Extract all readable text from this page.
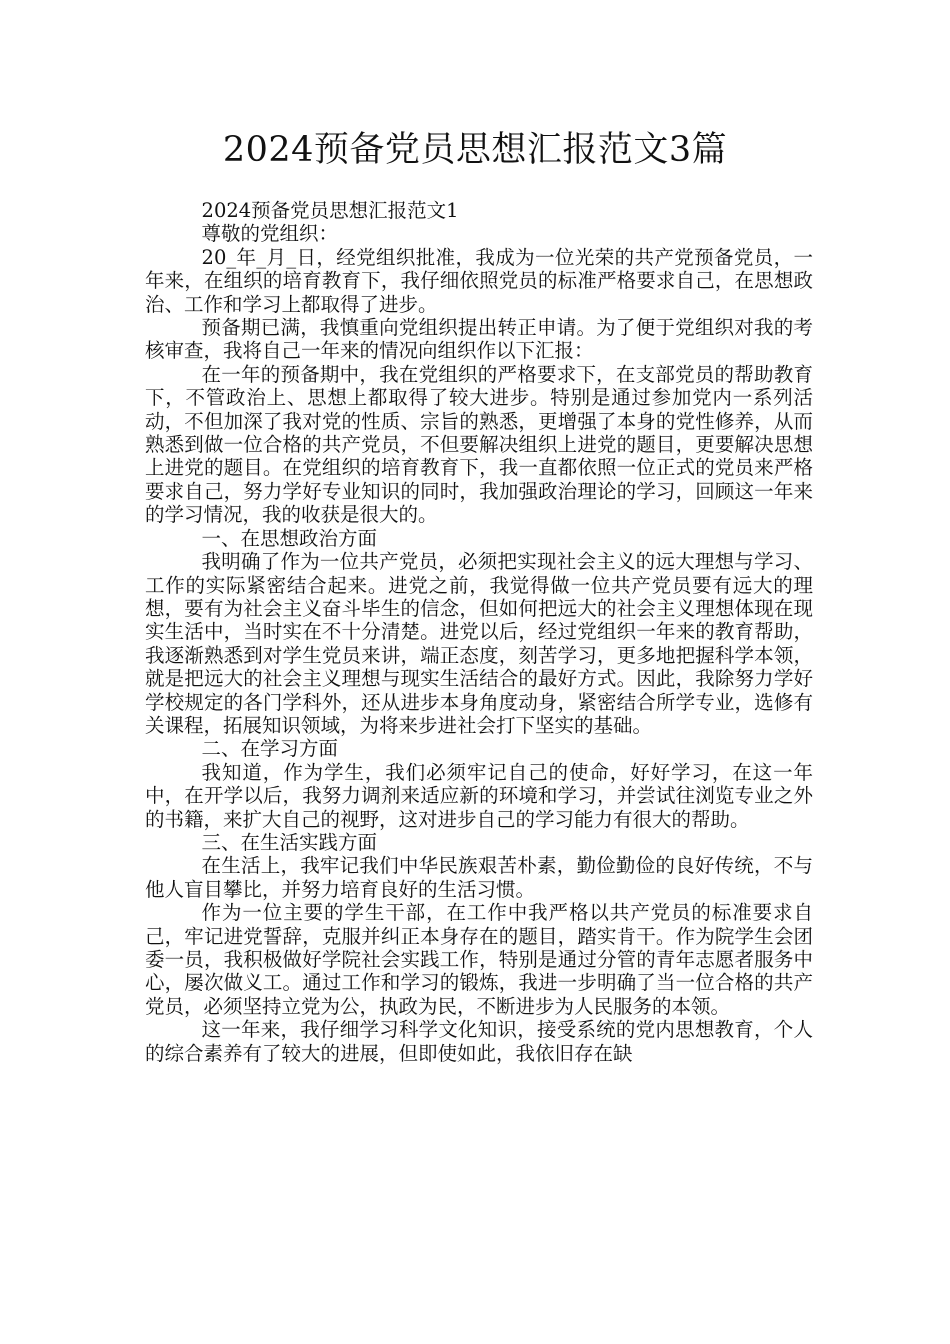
2024预备党员思想汇报范文3篇

2024预备党员思想汇报范文1

尊敬的党组织：

20_年_月_日，经党组织批准，我成为一位光荣的共产党预备党员，一年来，在组织的培育教育下，我仔细依照党员的标准严格要求自己，在思想政治、工作和学习上都取得了进步。

预备期已满，我慎重向党组织提出转正申请。为了便于党组织对我的考核审查，我将自己一年来的情况向组织作以下汇报：

在一年的预备期中，我在党组织的严格要求下，在支部党员的帮助教育下，不管政治上、思想上都取得了较大进步。特别是通过参加党内一系列活动，不但加深了我对党的性质、宗旨的熟悉，更增强了本身的党性修养，从而熟悉到做一位合格的共产党员，不但要解决组织上进党的题目，更要解决思想上进党的题目。在党组织的培育教育下，我一直都依照一位正式的党员来严格要求自己，努力学好专业知识的同时，我加强政治理论的学习，回顾这一年来的学习情况，我的收获是很大的。

一、在思想政治方面

我明确了作为一位共产党员，必须把实现社会主义的远大理想与学习、工作的实际紧密结合起来。进党之前，我觉得做一位共产党员要有远大的理想，要有为社会主义奋斗毕生的信念，但如何把远大的社会主义理想体现在现实生活中，当时实在不十分清楚。进党以后，经过党组织一年来的教育帮助，我逐渐熟悉到对学生党员来讲，端正态度，刻苦学习，更多地把握科学本领，就是把远大的社会主义理想与现实生活结合的最好方式。因此，我除努力学好学校规定的各门学科外，还从进步本身角度动身，紧密结合所学专业，选修有关课程，拓展知识领域，为将来步进社会打下坚实的基础。

二、在学习方面

我知道，作为学生，我们必须牢记自己的使命，好好学习，在这一年中，在开学以后，我努力调剂来适应新的环境和学习，并尝试往浏览专业之外的书籍，来扩大自己的视野，这对进步自己的学习能力有很大的帮助。

三、在生活实践方面

在生活上，我牢记我们中华民族艰苦朴素，勤俭勤俭的良好传统，不与他人盲目攀比，并努力培育良好的生活习惯。

作为一位主要的学生干部，在工作中我严格以共产党员的标准要求自己，牢记进党誓辞，克服并纠正本身存在的题目，踏实肯干。作为院学生会团委一员，我积极做好学院社会实践工作，特别是通过分管的青年志愿者服务中心，屡次做义工。通过工作和学习的锻炼，我进一步明确了当一位合格的共产党员，必须坚持立党为公，执政为民，不断进步为人民服务的本领。

这一年来，我仔细学习科学文化知识，接受系统的党内思想教育，个人的综合素养有了较大的进展，但即使如此，我依旧存在缺
